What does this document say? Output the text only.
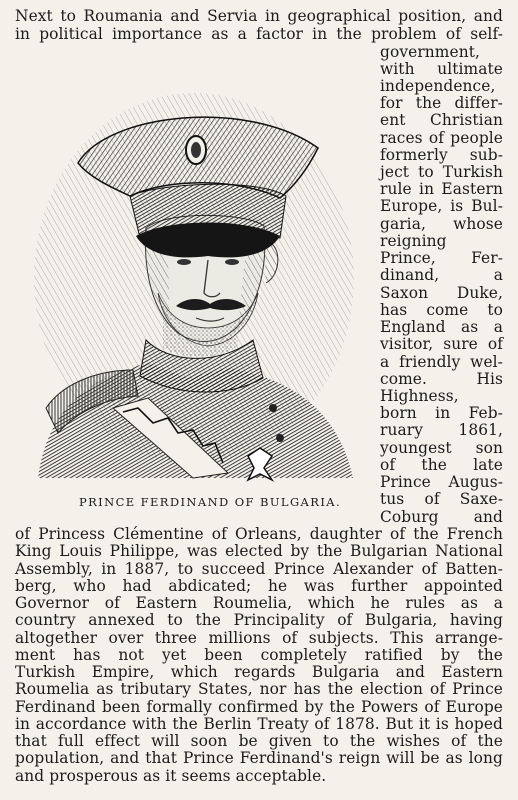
Next to Roumania and Servia in geographical position, and
in political importance as a factor in the problem of self-
government,
with ultimate
independence,
for the differ-
ent Christian
races of people
formerly sub-
ject to Turkish
rule in Eastern
Europe, is Bul-
garia, whose
reigning
Prince, Fer-
dinand, a
Saxon Duke,
has come to
England as a
visitor, sure of
a friendly wel-
come. His
Highness,
born in Feb-
ruary 1861,
youngest son
of the late
Prince Augus-
tus of Saxe-
Coburg and
PRINCE FERDINAND OF BULGARIA.
of Princess Clémentine of Orleans, daughter of the French
King Louis Philippe, was elected by the Bulgarian National
Assembly, in 1887, to succeed Prince Alexander of Batten-
berg, who had abdicated; he was further appointed
Governor of Eastern Roumelia, which he rules as a
country annexed to the Principality of Bulgaria, having
altogether over three millions of subjects. This arrange-
ment has not yet been completely ratified by the
Turkish Empire, which regards Bulgaria and Eastern
Roumelia as tributary States, nor has the election of Prince
Ferdinand been formally confirmed by the Powers of Europe
in accordance with the Berlin Treaty of 1878. But it is hoped
that full effect will soon be given to the wishes of the
population, and that Prince Ferdinand's reign will be as long
and prosperous as it seems acceptable.
